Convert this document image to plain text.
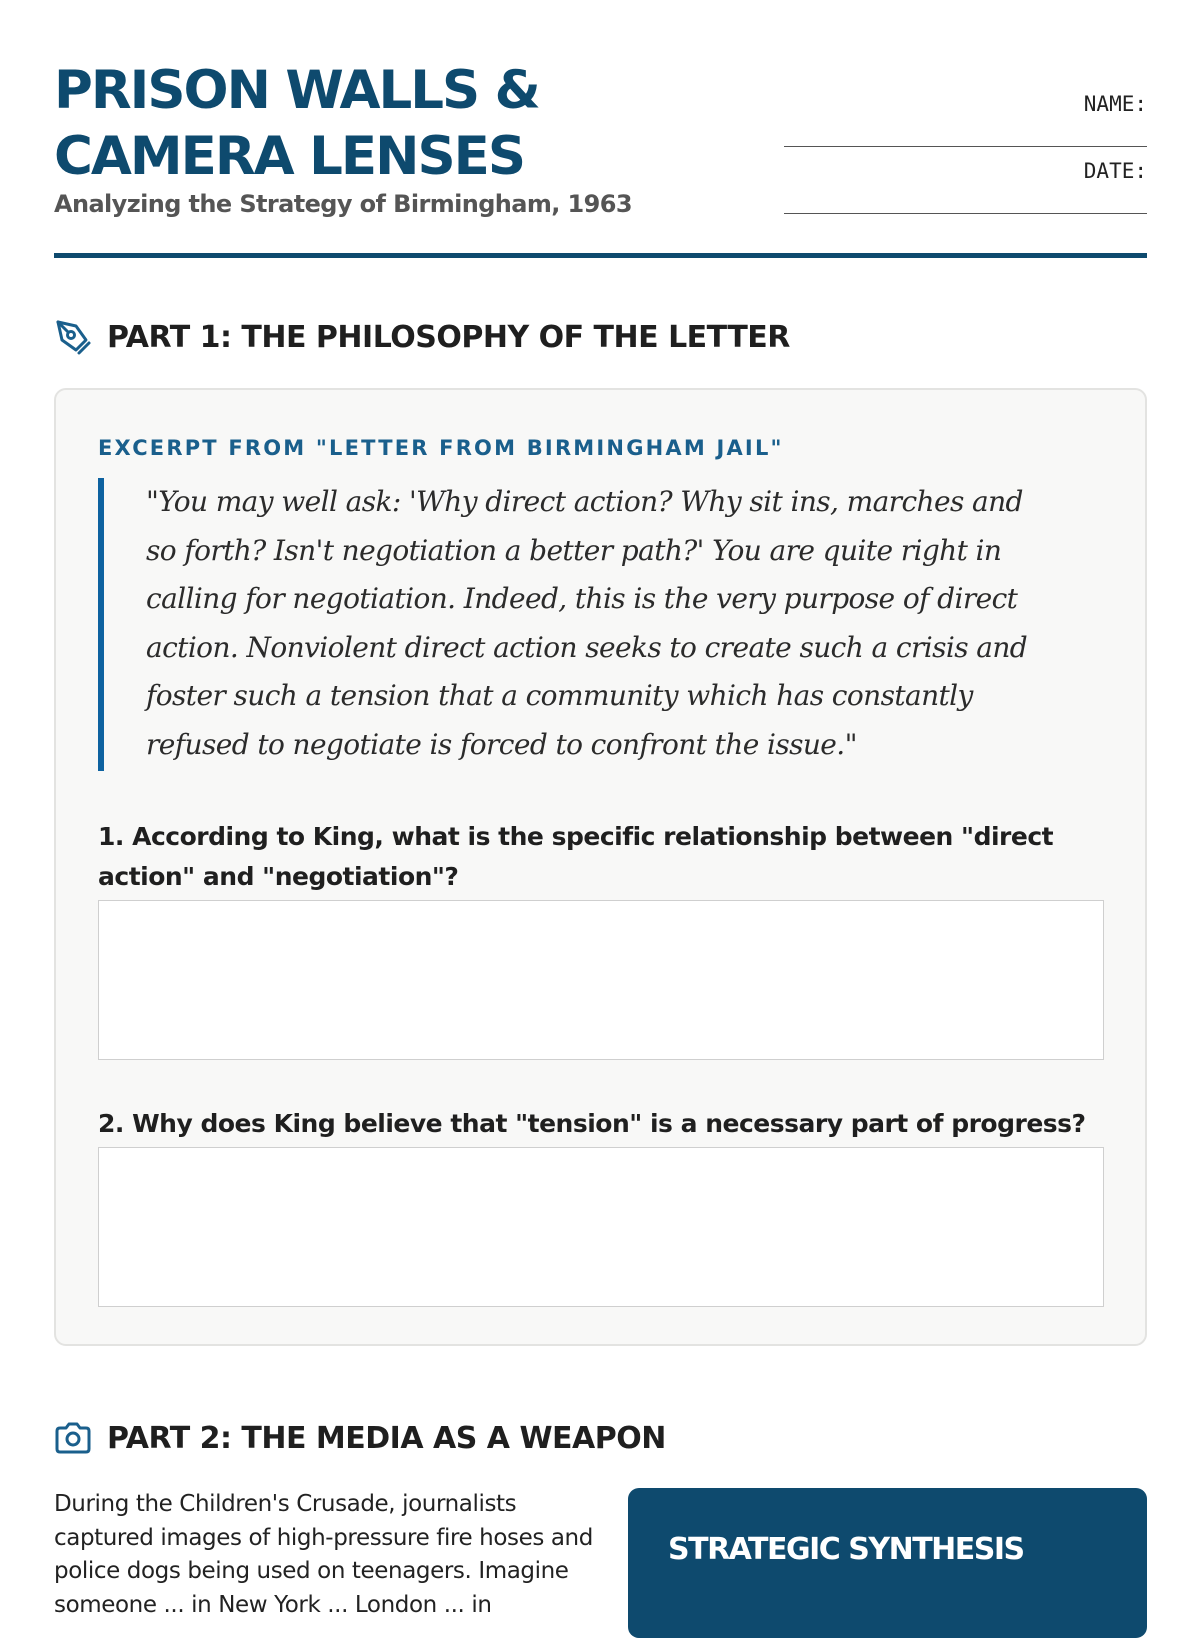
PRISON WALLS & CAMERA LENSES
Analyzing the Strategy of Birmingham, 1963
NAME:
DATE:
PART 1: THE PHILOSOPHY OF THE LETTER
EXCERPT FROM "LETTER FROM BIRMINGHAM JAIL"
"You may well ask: 'Why direct action? Why sit ins, marches and so forth? Isn't negotiation a better path?' You are quite right in calling for negotiation. Indeed, this is the very purpose of direct action. Nonviolent direct action seeks to create such a crisis and foster such a tension that a community which has constantly refused to negotiate is forced to confront the issue."
1. According to King, what is the specific relationship between "direct action" and "negotiation"?
2. Why does King believe that "tension" is a necessary part of progress?
PART 2: THE MEDIA AS A WEAPON
During the Children's Crusade, journalists captured images of high-pressure fire hoses and police dogs being used on teenagers. Imagine someone ... in New York ... London ... in
STRATEGIC SYNTHESIS
